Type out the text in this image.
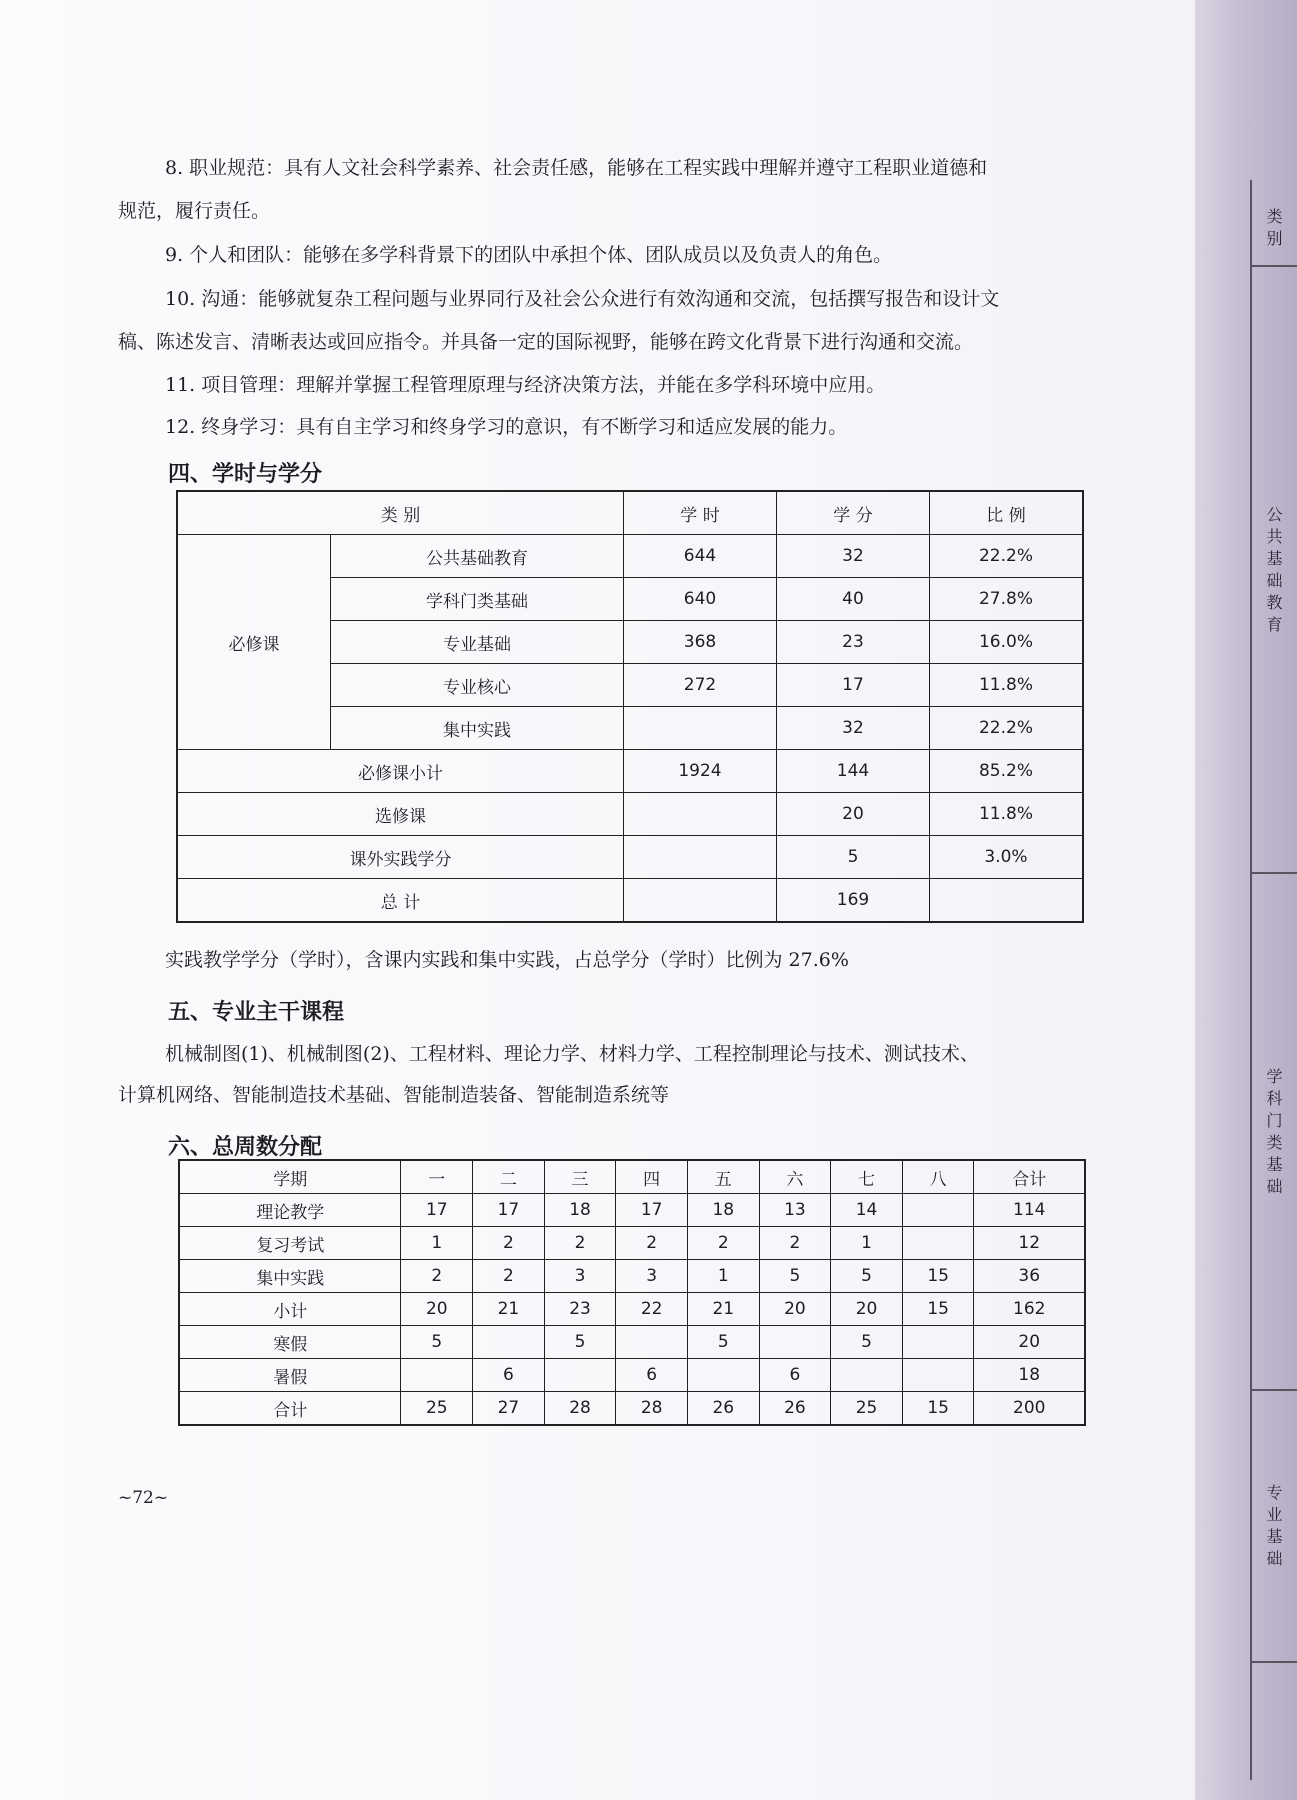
类
别
公
共
基
础
教
育
学
科
门
类
基
础
专
业
基
础
8. 职业规范：具有人文社会科学素养、社会责任感，能够在工程实践中理解并遵守工程职业道德和
规范，履行责任。
9. 个人和团队：能够在多学科背景下的团队中承担个体、团队成员以及负责人的角色。
10. 沟通：能够就复杂工程问题与业界同行及社会公众进行有效沟通和交流，包括撰写报告和设计文
稿、陈述发言、清晰表达或回应指令。并具备一定的国际视野，能够在跨文化背景下进行沟通和交流。
11. 项目管理：理解并掌握工程管理原理与经济决策方法，并能在多学科环境中应用。
12. 终身学习：具有自主学习和终身学习的意识，有不断学习和适应发展的能力。
四、学时与学分
类 别		学 时	学 分	比 例
必修课	公共基础教育	644	32	22.2%
	学科门类基础	640	40	27.8%
	专业基础	368	23	16.0%
	专业核心	272	17	11.8%
	集中实践		32	22.2%
必修课小计		1924	144	85.2%
选修课			20	11.8%
课外实践学分			5	3.0%
总 计			169	
实践教学学分（学时），含课内实践和集中实践，占总学分（学时）比例为 27.6%
五、专业主干课程
机械制图(1)、机械制图(2)、工程材料、理论力学、材料力学、工程控制理论与技术、测试技术、
计算机网络、智能制造技术基础、智能制造装备、智能制造系统等
六、总周数分配
学期	一	二	三	四	五	六	七	八	合计
理论教学	17	17	18	17	18	13	14		114
复习考试	1	2	2	2	2	2	1		12
集中实践	2	2	3	3	1	5	5	15	36
小计	20	21	23	22	21	20	20	15	162
寒假	5		5		5		5		20
暑假		6		6		6			18
合计	25	27	28	28	26	26	25	15	200
~72~
